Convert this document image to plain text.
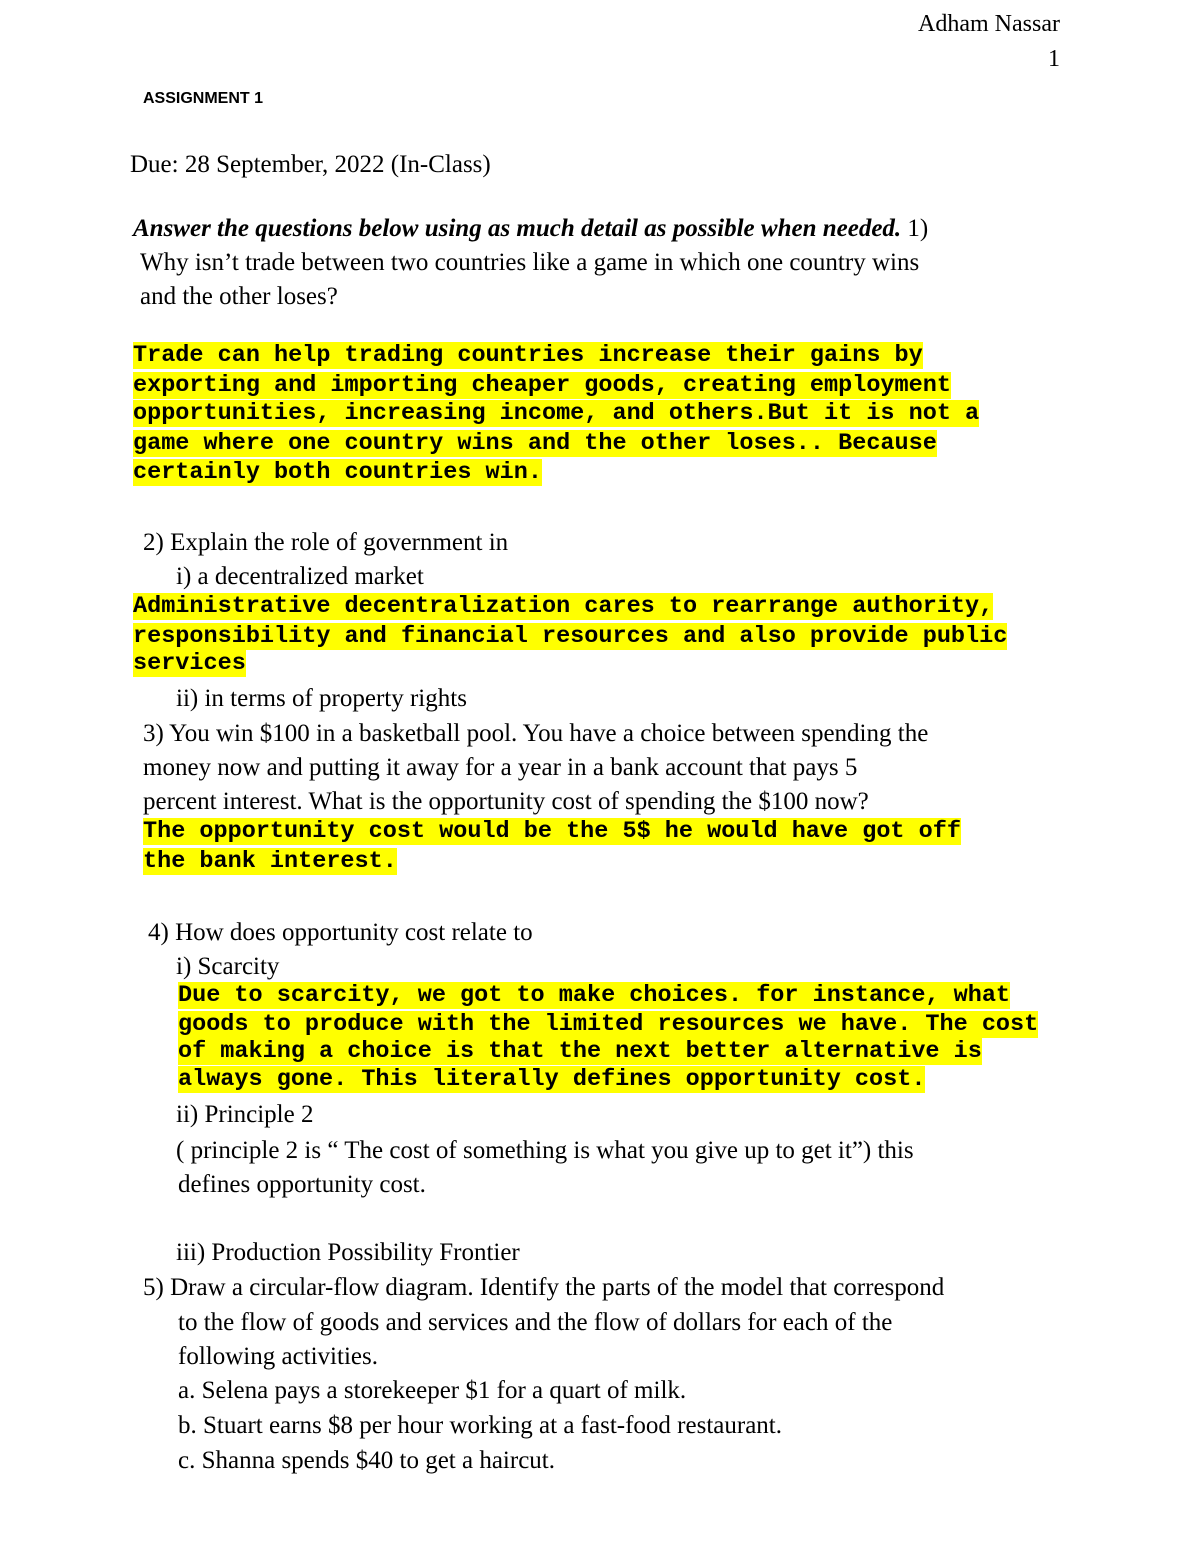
Adham Nassar
1
ASSIGNMENT 1
Due: 28 September, 2022 (In-Class)
Answer the questions below using as much detail as possible when needed. 1)
Why isn’t trade between two countries like a game in which one country wins
and the other loses?
Trade can help trading countries increase their gains by
exporting and importing cheaper goods, creating employment
opportunities, increasing income, and others.But it is not a
game where one country wins and the other loses.. Because
certainly both countries win.
2) Explain the role of government in
i) a decentralized market
Administrative decentralization cares to rearrange authority,
responsibility and financial resources and also provide public
services
ii) in terms of property rights
3) You win $100 in a basketball pool. You have a choice between spending the
money now and putting it away for a year in a bank account that pays 5
percent interest. What is the opportunity cost of spending the $100 now?
The opportunity cost would be the 5$ he would have got off
the bank interest.
4) How does opportunity cost relate to
i) Scarcity
Due to scarcity, we got to make choices. for instance, what
goods to produce with the limited resources we have. The cost
of making a choice is that the next better alternative is
always gone. This literally defines opportunity cost.
ii) Principle 2
( principle 2 is “ The cost of something is what you give up to get it”) this
defines opportunity cost.
iii) Production Possibility Frontier
5) Draw a circular-flow diagram. Identify the parts of the model that correspond
to the flow of goods and services and the flow of dollars for each of the
following activities.
a. Selena pays a storekeeper $1 for a quart of milk.
b. Stuart earns $8 per hour working at a fast-food restaurant.
c. Shanna spends $40 to get a haircut.
